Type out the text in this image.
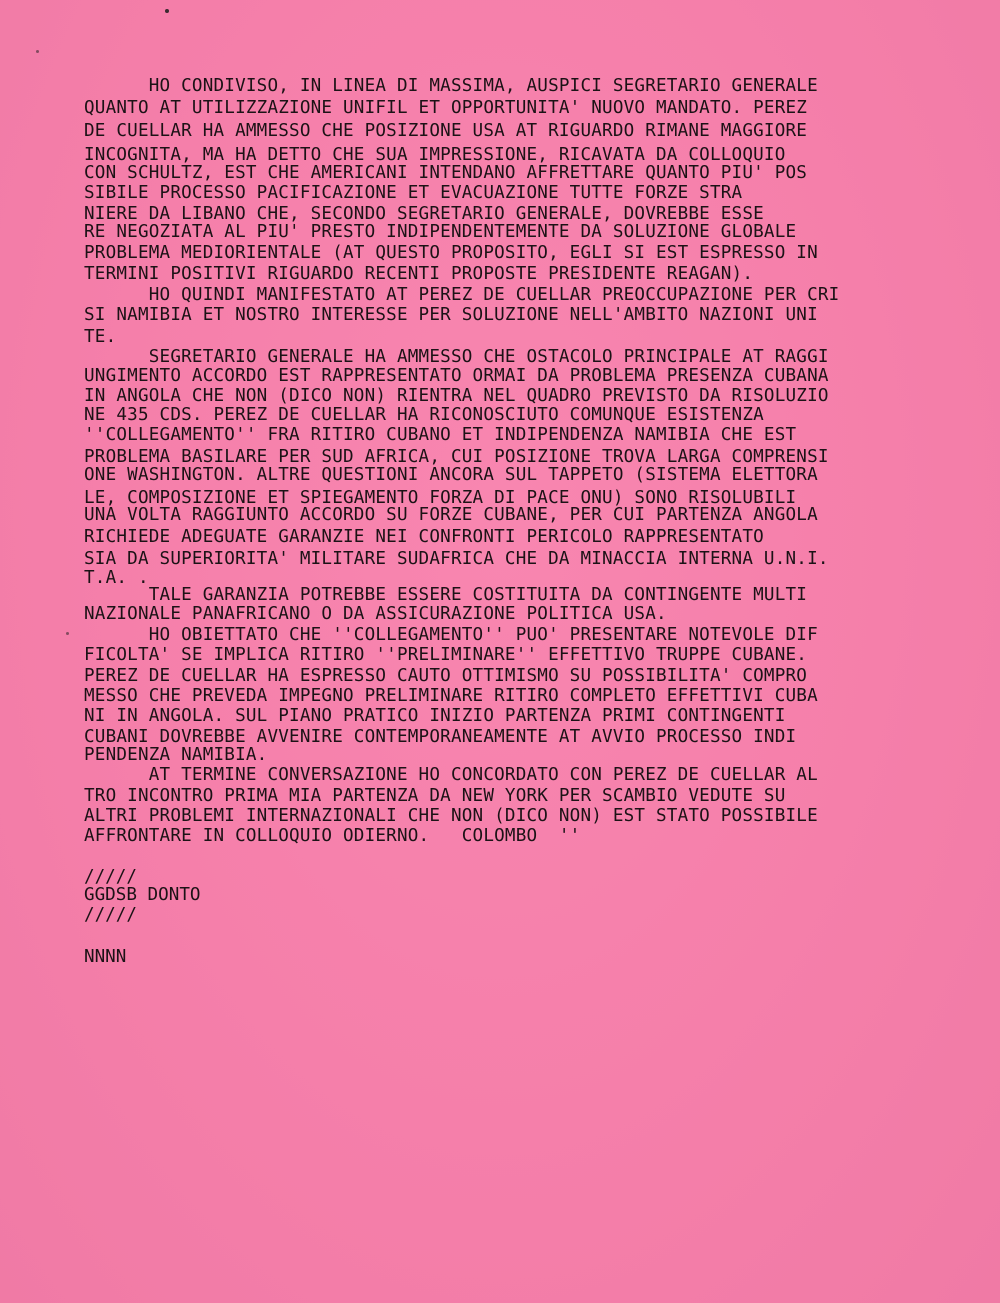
HO CONDIVISO, IN LINEA DI MASSIMA, AUSPICI SEGRETARIO GENERALE
QUANTO AT UTILIZZAZIONE UNIFIL ET OPPORTUNITA' NUOVO MANDATO. PEREZ
DE CUELLAR HA AMMESSO CHE POSIZIONE USA AT RIGUARDO RIMANE MAGGIORE
INCOGNITA, MA HA DETTO CHE SUA IMPRESSIONE, RICAVATA DA COLLOQUIO
CON SCHULTZ, EST CHE AMERICANI INTENDANO AFFRETTARE QUANTO PIU' POS
SIBILE PROCESSO PACIFICAZIONE ET EVACUAZIONE TUTTE FORZE STRA
NIERE DA LIBANO CHE, SECONDO SEGRETARIO GENERALE, DOVREBBE ESSE
RE NEGOZIATA AL PIU' PRESTO INDIPENDENTEMENTE DA SOLUZIONE GLOBALE
PROBLEMA MEDIORIENTALE (AT QUESTO PROPOSITO, EGLI SI EST ESPRESSO IN
TERMINI POSITIVI RIGUARDO RECENTI PROPOSTE PRESIDENTE REAGAN).
HO QUINDI MANIFESTATO AT PEREZ DE CUELLAR PREOCCUPAZIONE PER CRI
SI NAMIBIA ET NOSTRO INTERESSE PER SOLUZIONE NELL'AMBITO NAZIONI UNI
TE.
SEGRETARIO GENERALE HA AMMESSO CHE OSTACOLO PRINCIPALE AT RAGGI
UNGIMENTO ACCORDO EST RAPPRESENTATO ORMAI DA PROBLEMA PRESENZA CUBANA
IN ANGOLA CHE NON (DICO NON) RIENTRA NEL QUADRO PREVISTO DA RISOLUZIO
NE 435 CDS. PEREZ DE CUELLAR HA RICONOSCIUTO COMUNQUE ESISTENZA
''COLLEGAMENTO'' FRA RITIRO CUBANO ET INDIPENDENZA NAMIBIA CHE EST
PROBLEMA BASILARE PER SUD AFRICA, CUI POSIZIONE TROVA LARGA COMPRENSI
ONE WASHINGTON. ALTRE QUESTIONI ANCORA SUL TAPPETO (SISTEMA ELETTORA
LE, COMPOSIZIONE ET SPIEGAMENTO FORZA DI PACE ONU) SONO RISOLUBILI
UNA VOLTA RAGGIUNTO ACCORDO SU FORZE CUBANE, PER CUI PARTENZA ANGOLA
RICHIEDE ADEGUATE GARANZIE NEI CONFRONTI PERICOLO RAPPRESENTATO
SIA DA SUPERIORITA' MILITARE SUDAFRICA CHE DA MINACCIA INTERNA U.N.I.
T.A. .
TALE GARANZIA POTREBBE ESSERE COSTITUITA DA CONTINGENTE MULTI
NAZIONALE PANAFRICANO O DA ASSICURAZIONE POLITICA USA.
HO OBIETTATO CHE ''COLLEGAMENTO'' PUO' PRESENTARE NOTEVOLE DIF
FICOLTA' SE IMPLICA RITIRO ''PRELIMINARE'' EFFETTIVO TRUPPE CUBANE.
PEREZ DE CUELLAR HA ESPRESSO CAUTO OTTIMISMO SU POSSIBILITA' COMPRO
MESSO CHE PREVEDA IMPEGNO PRELIMINARE RITIRO COMPLETO EFFETTIVI CUBA
NI IN ANGOLA. SUL PIANO PRATICO INIZIO PARTENZA PRIMI CONTINGENTI
CUBANI DOVREBBE AVVENIRE CONTEMPORANEAMENTE AT AVVIO PROCESSO INDI
PENDENZA NAMIBIA.
AT TERMINE CONVERSAZIONE HO CONCORDATO CON PEREZ DE CUELLAR AL
TRO INCONTRO PRIMA MIA PARTENZA DA NEW YORK PER SCAMBIO VEDUTE SU
ALTRI PROBLEMI INTERNAZIONALI CHE NON (DICO NON) EST STATO POSSIBILE
AFFRONTARE IN COLLOQUIO ODIERNO.   COLOMBO  ''
/////
GGDSB DONTO
/////
NNNN
